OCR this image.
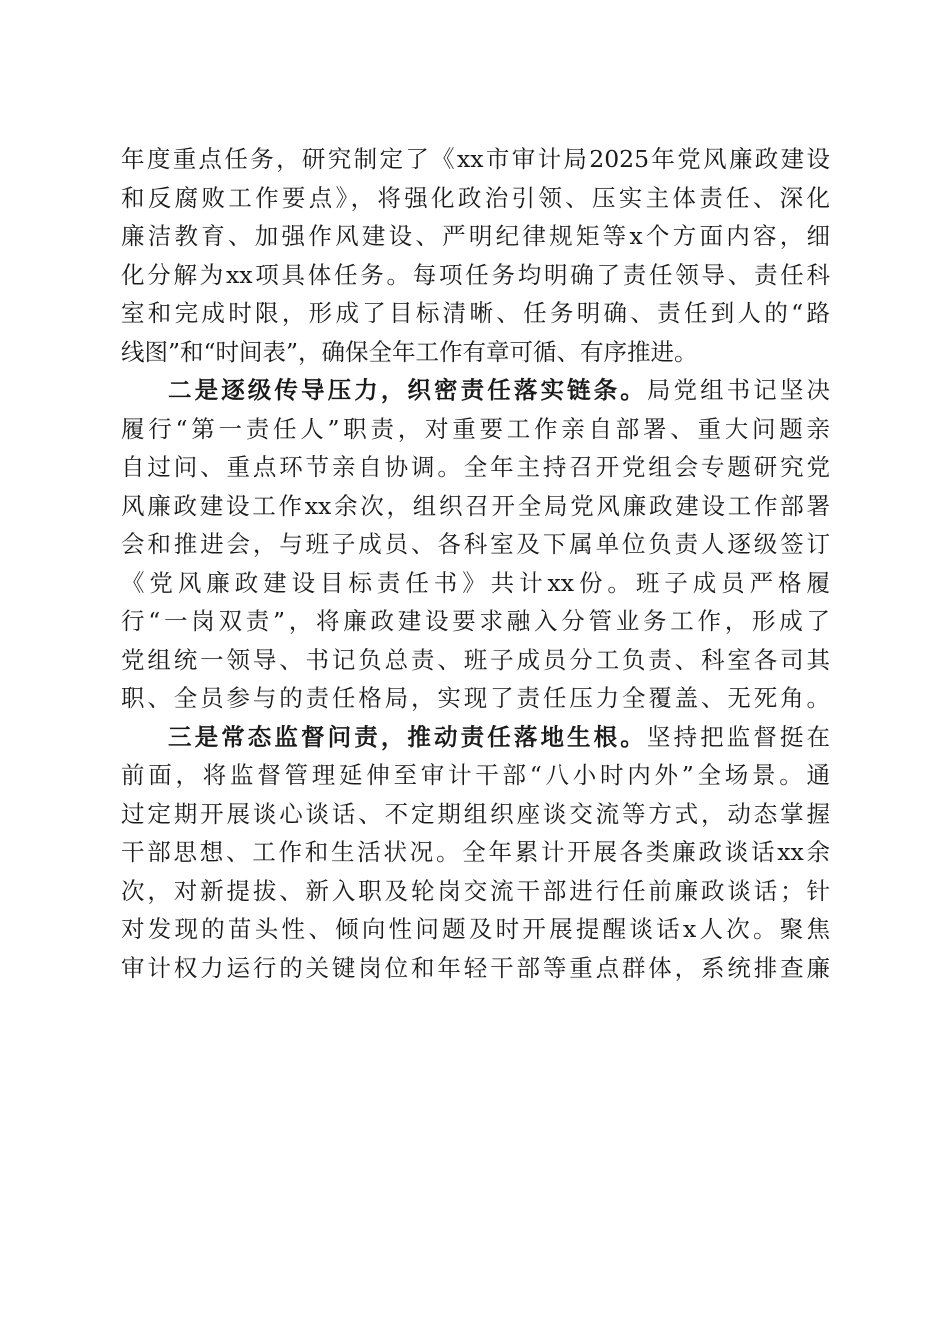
年度重点任务，研究制定了《xx市审计局2025年党风廉政建设
和反腐败工作要点》，将强化政治引领、压实主体责任、深化
廉洁教育、加强作风建设、严明纪律规矩等x个方面内容，细
化分解为xx项具体任务。每项任务均明确了责任领导、责任科
室和完成时限，形成了目标清晰、任务明确、责任到人的“路
线图”和“时间表”，确保全年工作有章可循、有序推进。
二是逐级传导压力，织密责任落实链条。局党组书记坚决
履行“第一责任人”职责，对重要工作亲自部署、重大问题亲
自过问、重点环节亲自协调。全年主持召开党组会专题研究党
风廉政建设工作xx余次，组织召开全局党风廉政建设工作部署
会和推进会，与班子成员、各科室及下属单位负责人逐级签订
《党风廉政建设目标责任书》共计xx份。班子成员严格履
行“一岗双责”，将廉政建设要求融入分管业务工作，形成了
党组统一领导、书记负总责、班子成员分工负责、科室各司其
职、全员参与的责任格局，实现了责任压力全覆盖、无死角。
三是常态监督问责，推动责任落地生根。坚持把监督挺在
前面，将监督管理延伸至审计干部“八小时内外”全场景。通
过定期开展谈心谈话、不定期组织座谈交流等方式，动态掌握
干部思想、工作和生活状况。全年累计开展各类廉政谈话xx余
次，对新提拔、新入职及轮岗交流干部进行任前廉政谈话；针
对发现的苗头性、倾向性问题及时开展提醒谈话x人次。聚焦
审计权力运行的关键岗位和年轻干部等重点群体，系统排查廉
